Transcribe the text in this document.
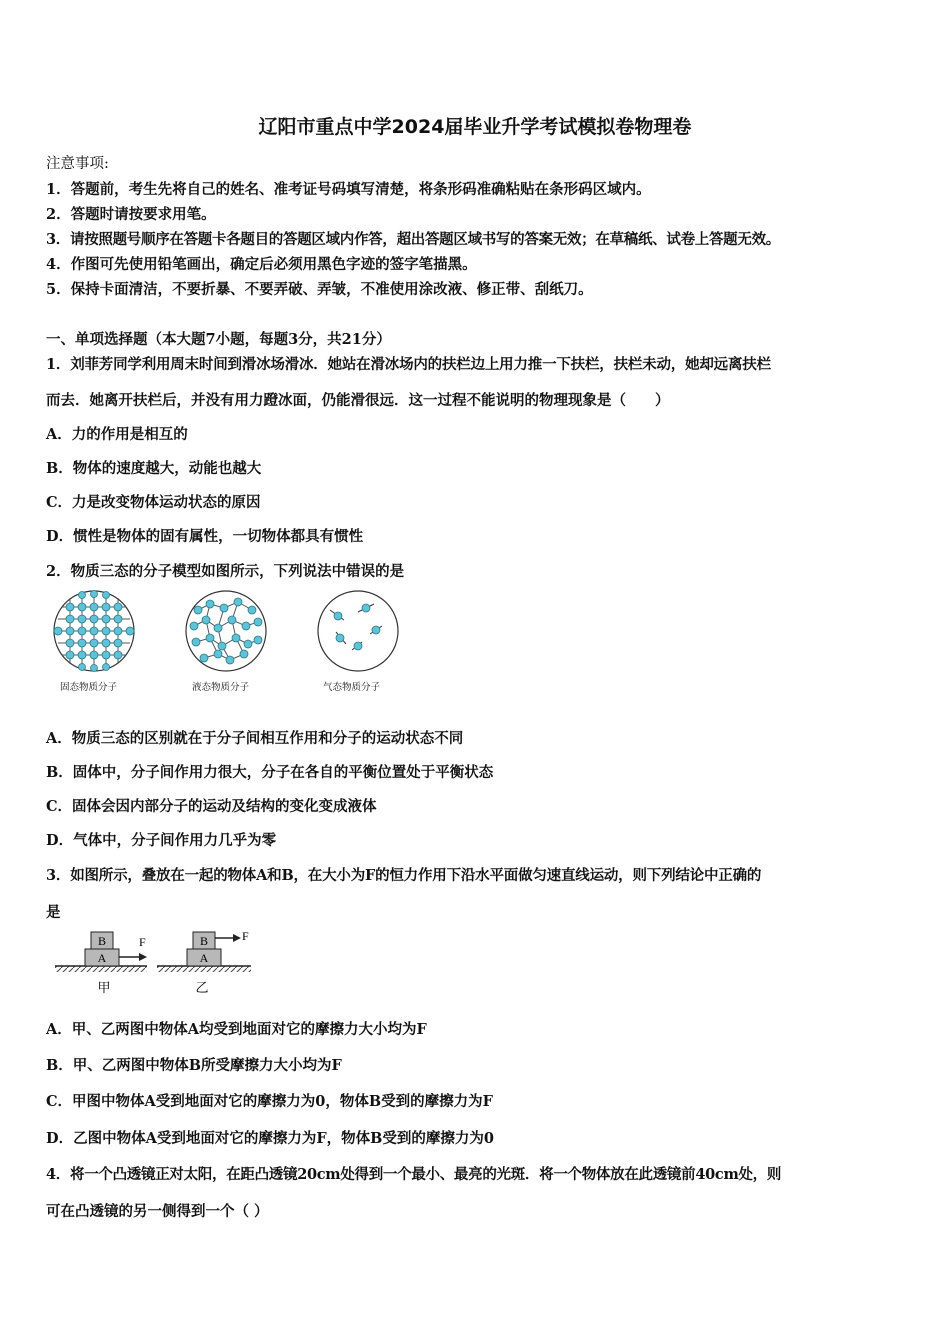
辽阳市重点中学2024届毕业升学考试模拟卷物理卷
注意事项:
1．答题前，考生先将自己的姓名、准考证号码填写清楚，将条形码准确粘贴在条形码区域内。
2．答题时请按要求用笔。
3．请按照题号顺序在答题卡各题目的答题区域内作答，超出答题区域书写的答案无效；在草稿纸、试卷上答题无效。
4．作图可先使用铅笔画出，确定后必须用黑色字迹的签字笔描黑。
5．保持卡面清洁，不要折暴、不要弄破、弄皱，不准使用涂改液、修正带、刮纸刀。
一、单项选择题（本大题7小题，每题3分，共21分）
1．刘菲芳同学利用周末时间到滑冰场滑冰．她站在滑冰场内的扶栏边上用力推一下扶栏，扶栏未动，她却远离扶栏
而去．她离开扶栏后，并没有用力蹬冰面，仍能滑很远．这一过程不能说明的物理现象是（　　）
A．力的作用是相互的
B．物体的速度越大，动能也越大
C．力是改变物体运动状态的原因
D．惯性是物体的固有属性，一切物体都具有惯性
2．物质三态的分子模型如图所示，下列说法中错误的是
固态物质分子	液态物质分子	气态物质分子
A．物质三态的区别就在于分子间相互作用和分子的运动状态不同
B．固体中，分子间作用力很大，分子在各自的平衡位置处于平衡状态
C．固体会因内部分子的运动及结构的变化变成液体
D．气体中，分子间作用力几乎为零
3．如图所示，叠放在一起的物体A和B，在大小为F的恒力作用下沿水平面做匀速直线运动，则下列结论中正确的
是
B
A
F
甲
B
A
F
乙
A．甲、乙两图中物体A均受到地面对它的摩擦力大小均为F
B．甲、乙两图中物体B所受摩擦力大小均为F
C．甲图中物体A受到地面对它的摩擦力为0，物体B受到的摩擦力为F
D．乙图中物体A受到地面对它的摩擦力为F，物体B受到的摩擦力为0
4．将一个凸透镜正对太阳，在距凸透镜20cm处得到一个最小、最亮的光斑．将一个物体放在此透镜前40cm处，则
可在凸透镜的另一侧得到一个（ ）
